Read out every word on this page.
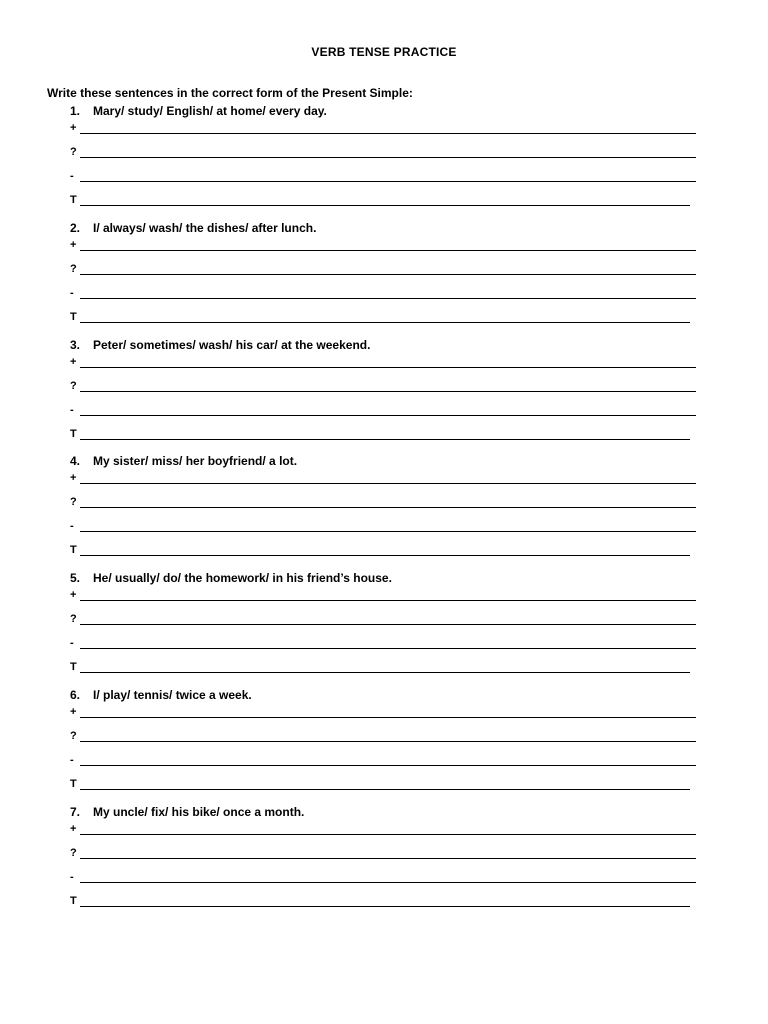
VERB TENSE PRACTICE
Write these sentences in the correct form of the Present Simple:
1. Mary/ study/ English/ at home/ every day.
+
?
-
T
2. I/ always/ wash/ the dishes/ after lunch.
+
?
-
T
3. Peter/ sometimes/ wash/ his car/ at the weekend.
+
?
-
T
4. My sister/ miss/ her boyfriend/ a lot.
+
?
-
T
5. He/ usually/ do/ the homework/ in his friend’s house.
+
?
-
T
6. I/ play/ tennis/ twice a week.
+
?
-
T
7. My uncle/ fix/ his bike/ once a month.
+
?
-
T
